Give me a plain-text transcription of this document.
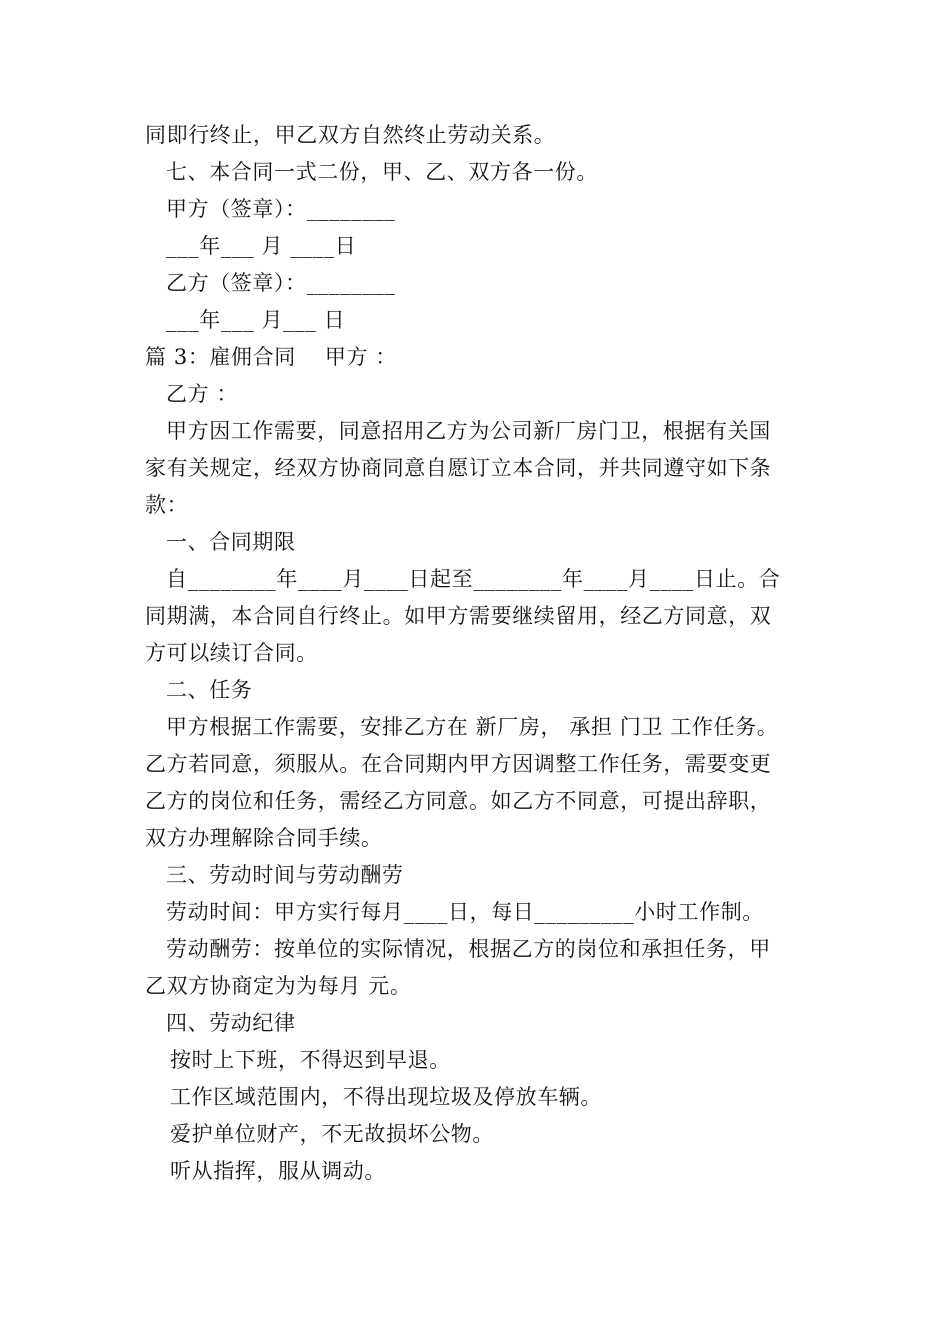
同即行终止，甲乙双方自然终止劳动关系。
七、本合同一式二份，甲、乙、双方各一份。
甲方（签章）：________
___年___ 月 ____日
乙方（签章）：________
___年___ 月___ 日
篇 3：雇佣合同    甲方 ：
乙方 ：
甲方因工作需要，同意招用乙方为公司新厂房门卫，根据有关国
家有关规定，经双方协商同意自愿订立本合同，并共同遵守如下条
款：
一、合同期限
自________年____月____日起至________年____月____日止。合
同期满，本合同自行终止。如甲方需要继续留用，经乙方同意，双
方可以续订合同。
二、任务
甲方根据工作需要，安排乙方在 新厂房， 承担 门卫 工作任务。
乙方若同意，须服从。在合同期内甲方因调整工作任务，需要变更
乙方的岗位和任务，需经乙方同意。如乙方不同意，可提出辞职，
双方办理解除合同手续。
三、劳动时间与劳动酬劳
劳动时间：甲方实行每月____日，每日_________小时工作制。
劳动酬劳：按单位的实际情况，根据乙方的岗位和承担任务，甲
乙双方协商定为为每月 元。
四、劳动纪律
按时上下班，不得迟到早退。
工作区域范围内，不得出现垃圾及停放车辆。
爱护单位财产，不无故损坏公物。
听从指挥，服从调动。
